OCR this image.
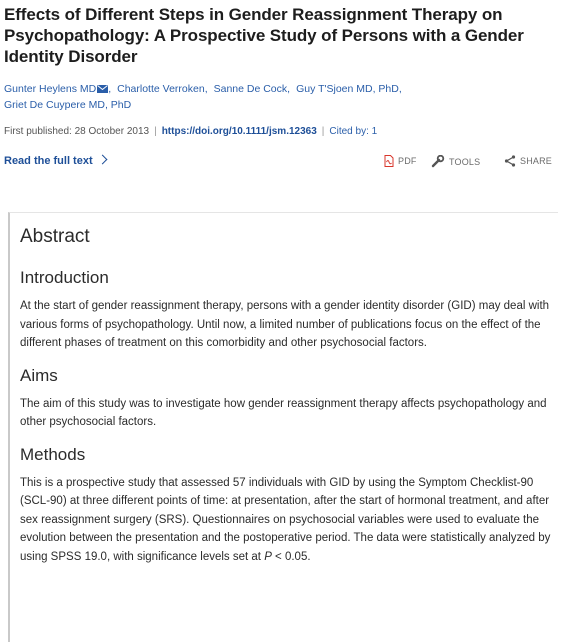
Effects of Different Steps in Gender Reassignment Therapy on Psychopathology: A Prospective Study of Persons with a Gender Identity Disorder
Gunter Heylens MD , Charlotte Verroken, Sanne De Cock, Guy T'Sjoen MD, PhD,
Griet De Cuypere MD, PhD
First published: 28 October 2013 | https://doi.org/10.1111/jsm.12363 | Cited by: 1
Read the full text	PDF	TOOLS	SHARE
Abstract
Introduction

At the start of gender reassignment therapy, persons with a gender identity disorder (GID) may deal with various forms of psychopathology. Until now, a limited number of publications focus on the effect of the different phases of treatment on this comorbidity and other psychosocial factors.

Aims

The aim of this study was to investigate how gender reassignment therapy affects psychopathology and other psychosocial factors.

Methods

This is a prospective study that assessed 57 individuals with GID by using the Symptom Checklist-90 (SCL-90) at three different points of time: at presentation, after the start of hormonal treatment, and after sex reassignment surgery (SRS). Questionnaires on psychosocial variables were used to evaluate the evolution between the presentation and the postoperative period. The data were statistically analyzed by using SPSS 19.0, with significance levels set at P < 0.05.
